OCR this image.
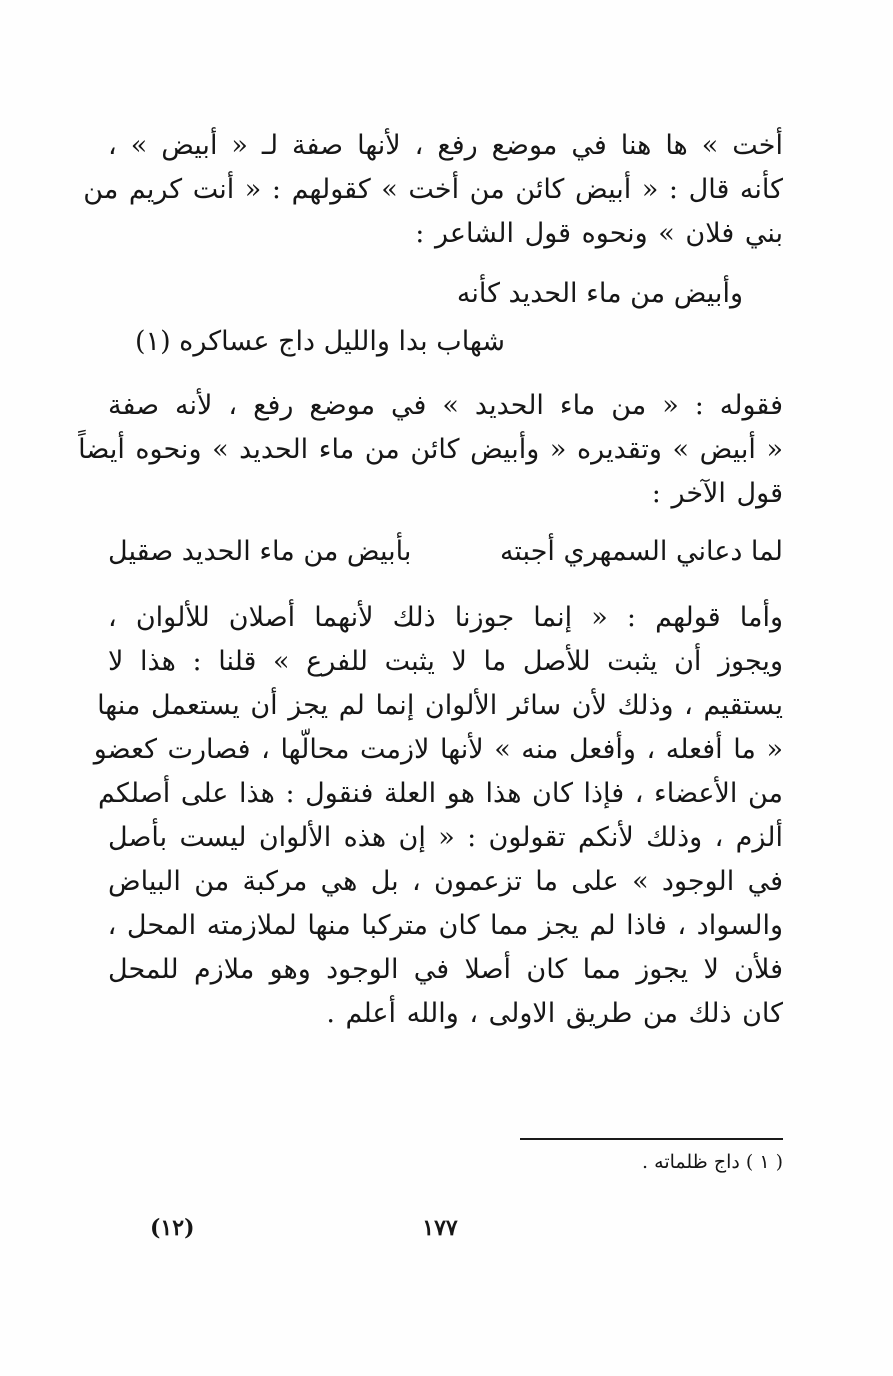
أخت » ها هنا في موضع رفع ، لأنها صفة لـ « أبيض » ،
كأنه قال : « أبيض كائن من أخت » كقولهم : « أنت كريم من
بني فلان » ونحوه قول الشاعر :
وأبيض من ماء الحديد كأنه
شهاب بدا والليل داج عساكره (١)
فقوله : « من ماء الحديد » في موضع رفع ، لأنه صفة
« أبيض » وتقديره « وأبيض كائن من ماء الحديد » ونحوه أيضاً
قول الآخر :
لما دعاني السمهري أجبته
بأبيض من ماء الحديد صقيل
وأما قولهم : « إنما جوزنا ذلك لأنهما أصلان للألوان ،
ويجوز أن يثبت للأصل ما لا يثبت للفرع » قلنا : هذا لا
يستقيم ، وذلك لأن سائر الألوان إنما لم يجز أن يستعمل منها
« ما أفعله ، وأفعل منه » لأنها لازمت محالّها ، فصارت كعضو
من الأعضاء ، فإذا كان هذا هو العلة فنقول : هذا على أصلكم
ألزم ، وذلك لأنكم تقولون : « إن هذه الألوان ليست بأصل
في الوجود » على ما تزعمون ، بل هي مركبة من البياض
والسواد ، فاذا لم يجز مما كان متركبا منها لملازمته المحل ،
فلأن لا يجوز مما كان أصلا في الوجود وهو ملازم للمحل
كان ذلك من طريق الاولى ، والله أعلم .
( ١ ) داج ظلماته .
١٧٧
(١٢)
